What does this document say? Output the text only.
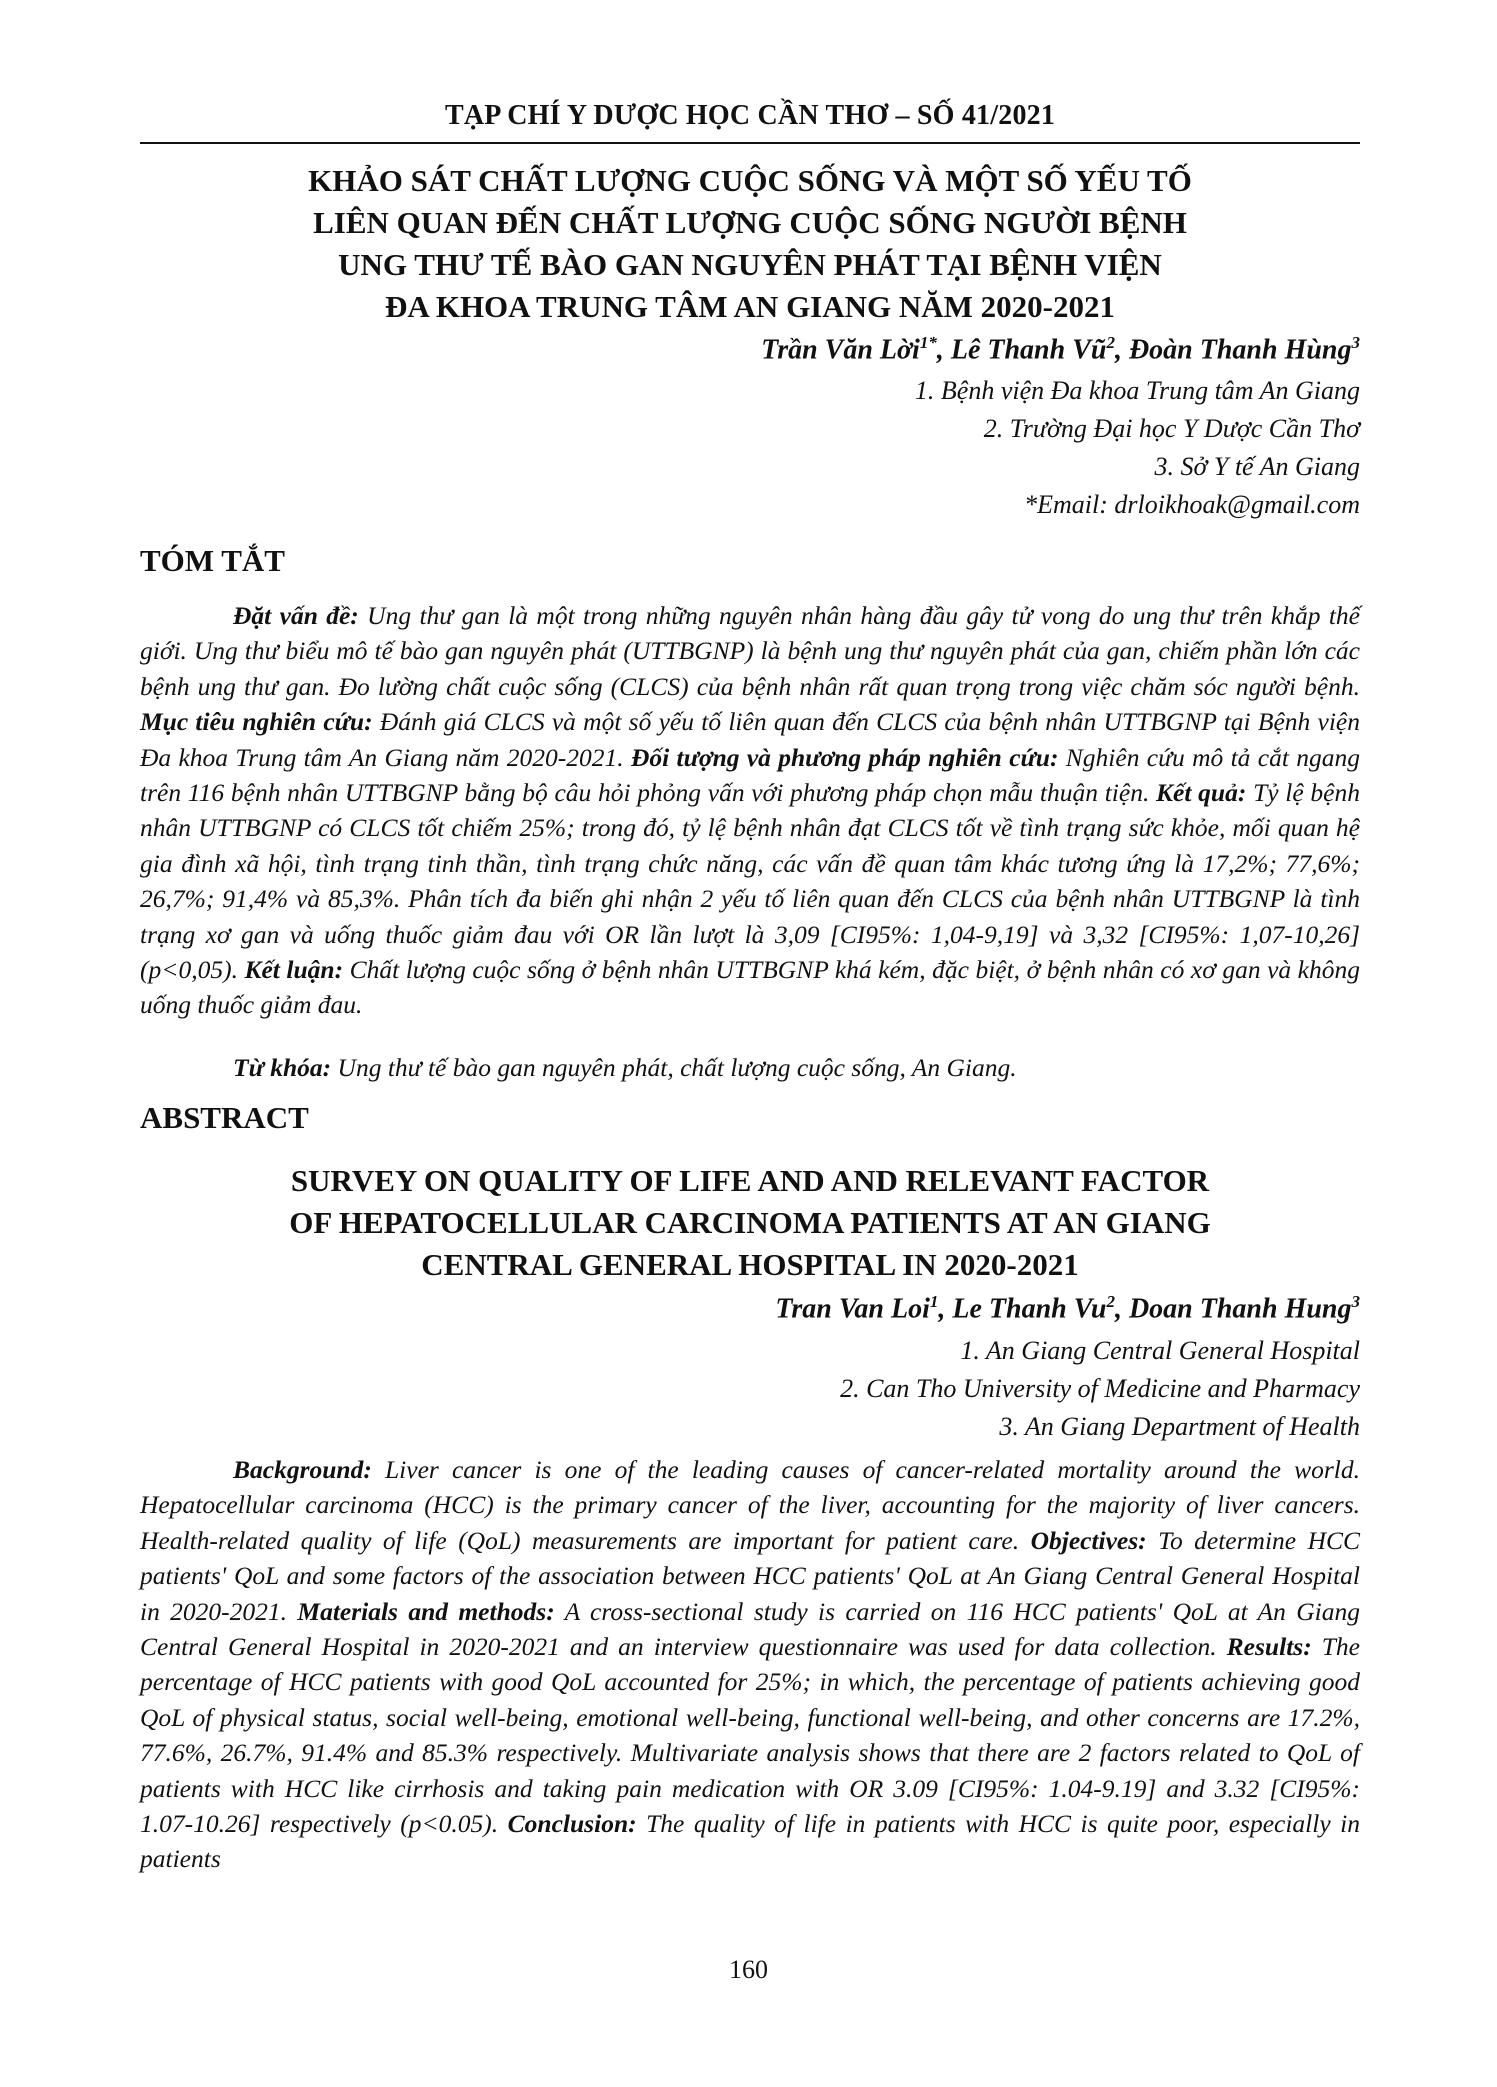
TẠP CHÍ Y DƯỢC HỌC CẦN THƠ – SỐ 41/2021
KHẢO SÁT CHẤT LƯỢNG CUỘC SỐNG VÀ MỘT SỐ YẾU TỐ
LIÊN QUAN ĐẾN CHẤT LƯỢNG CUỘC SỐNG NGƯỜI BỆNH
UNG THƯ TẾ BÀO GAN NGUYÊN PHÁT TẠI BỆNH VIỆN
ĐA KHOA TRUNG TÂM AN GIANG NĂM 2020-2021
Trần Văn Lời$^{1*}$, Lê Thanh $Vũ^2$, Đoàn Thanh Hùng$^3$
1. Bệnh viện Đa khoa Trung tâm An Giang
2. Trường Đại học Y Dược Cần Thơ
3. Sở Y tế An Giang
*Email: drloikhoak@gmail.com
TÓM TẮT
Đặt vấn đề: Ung thư gan là một trong những nguyên nhân hàng đầu gây tử vong do ung thư trên khắp thế giới. Ung thư biểu mô tế bào gan nguyên phát (UTTBGNP) là bệnh ung thư nguyên phát của gan, chiếm phần lớn các bệnh ung thư gan. Đo lường chất cuộc sống (CLCS) của bệnh nhân rất quan trọng trong việc chăm sóc người bệnh. Mục tiêu nghiên cứu: Đánh giá CLCS và một số yếu tố liên quan đến CLCS của bệnh nhân UTTBGNP tại Bệnh viện Đa khoa Trung tâm An Giang năm 2020-2021. Đối tượng và phương pháp nghiên cứu: Nghiên cứu mô tả cắt ngang trên 116 bệnh nhân UTTBGNP bằng bộ câu hỏi phỏng vấn với phương pháp chọn mẫu thuận tiện. Kết quả: Tỷ lệ bệnh nhân UTTBGNP có CLCS tốt chiếm 25%; trong đó, tỷ lệ bệnh nhân đạt CLCS tốt về tình trạng sức khỏe, mối quan hệ gia đình xã hội, tình trạng tinh thần, tình trạng chức năng, các vấn đề quan tâm khác tương ứng là 17,2%; 77,6%; 26,7%; 91,4% và 85,3%. Phân tích đa biến ghi nhận 2 yếu tố liên quan đến CLCS của bệnh nhân UTTBGNP là tình trạng xơ gan và uống thuốc giảm đau với OR lần lượt là 3,09 [CI95%: 1,04-9,19] và 3,32 [CI95%: 1,07-10,26] (p<0,05). Kết luận: Chất lượng cuộc sống ở bệnh nhân UTTBGNP khá kém, đặc biệt, ở bệnh nhân có xơ gan và không uống thuốc giảm đau.
Từ khóa: Ung thư tế bào gan nguyên phát, chất lượng cuộc sống, An Giang.
ABSTRACT
SURVEY ON QUALITY OF LIFE AND AND RELEVANT FACTOR
OF HEPATOCELLULAR CARCINOMA PATIENTS AT AN GIANG
CENTRAL GENERAL HOSPITAL IN 2020-2021
Tran Van Loi$^1$, Le Thanh Vu$^2$, Doan Thanh Hung$^3$
1. An Giang Central General Hospital
2. Can Tho University of Medicine and Pharmacy
3. An Giang Department of Health
Background: Liver cancer is one of the leading causes of cancer-related mortality around the world. Hepatocellular carcinoma (HCC) is the primary cancer of the liver, accounting for the majority of liver cancers. Health-related quality of life (QoL) measurements are important for patient care. Objectives: To determine HCC patients' QoL and some factors of the association between HCC patients' QoL at An Giang Central General Hospital in 2020-2021. Materials and methods: A cross-sectional study is carried on 116 HCC patients' QoL at An Giang Central General Hospital in 2020-2021 and an interview questionnaire was used for data collection. Results: The percentage of HCC patients with good QoL accounted for 25%; in which, the percentage of patients achieving good QoL of physical status, social well-being, emotional well-being, functional well-being, and other concerns are 17.2%, 77.6%, 26.7%, 91.4% and 85.3% respectively. Multivariate analysis shows that there are 2 factors related to QoL of patients with HCC like cirrhosis and taking pain medication with OR 3.09 [CI95%: 1.04-9.19] and 3.32 [CI95%: 1.07-10.26] respectively (p<0.05). Conclusion: The quality of life in patients with HCC is quite poor, especially in patients
160
